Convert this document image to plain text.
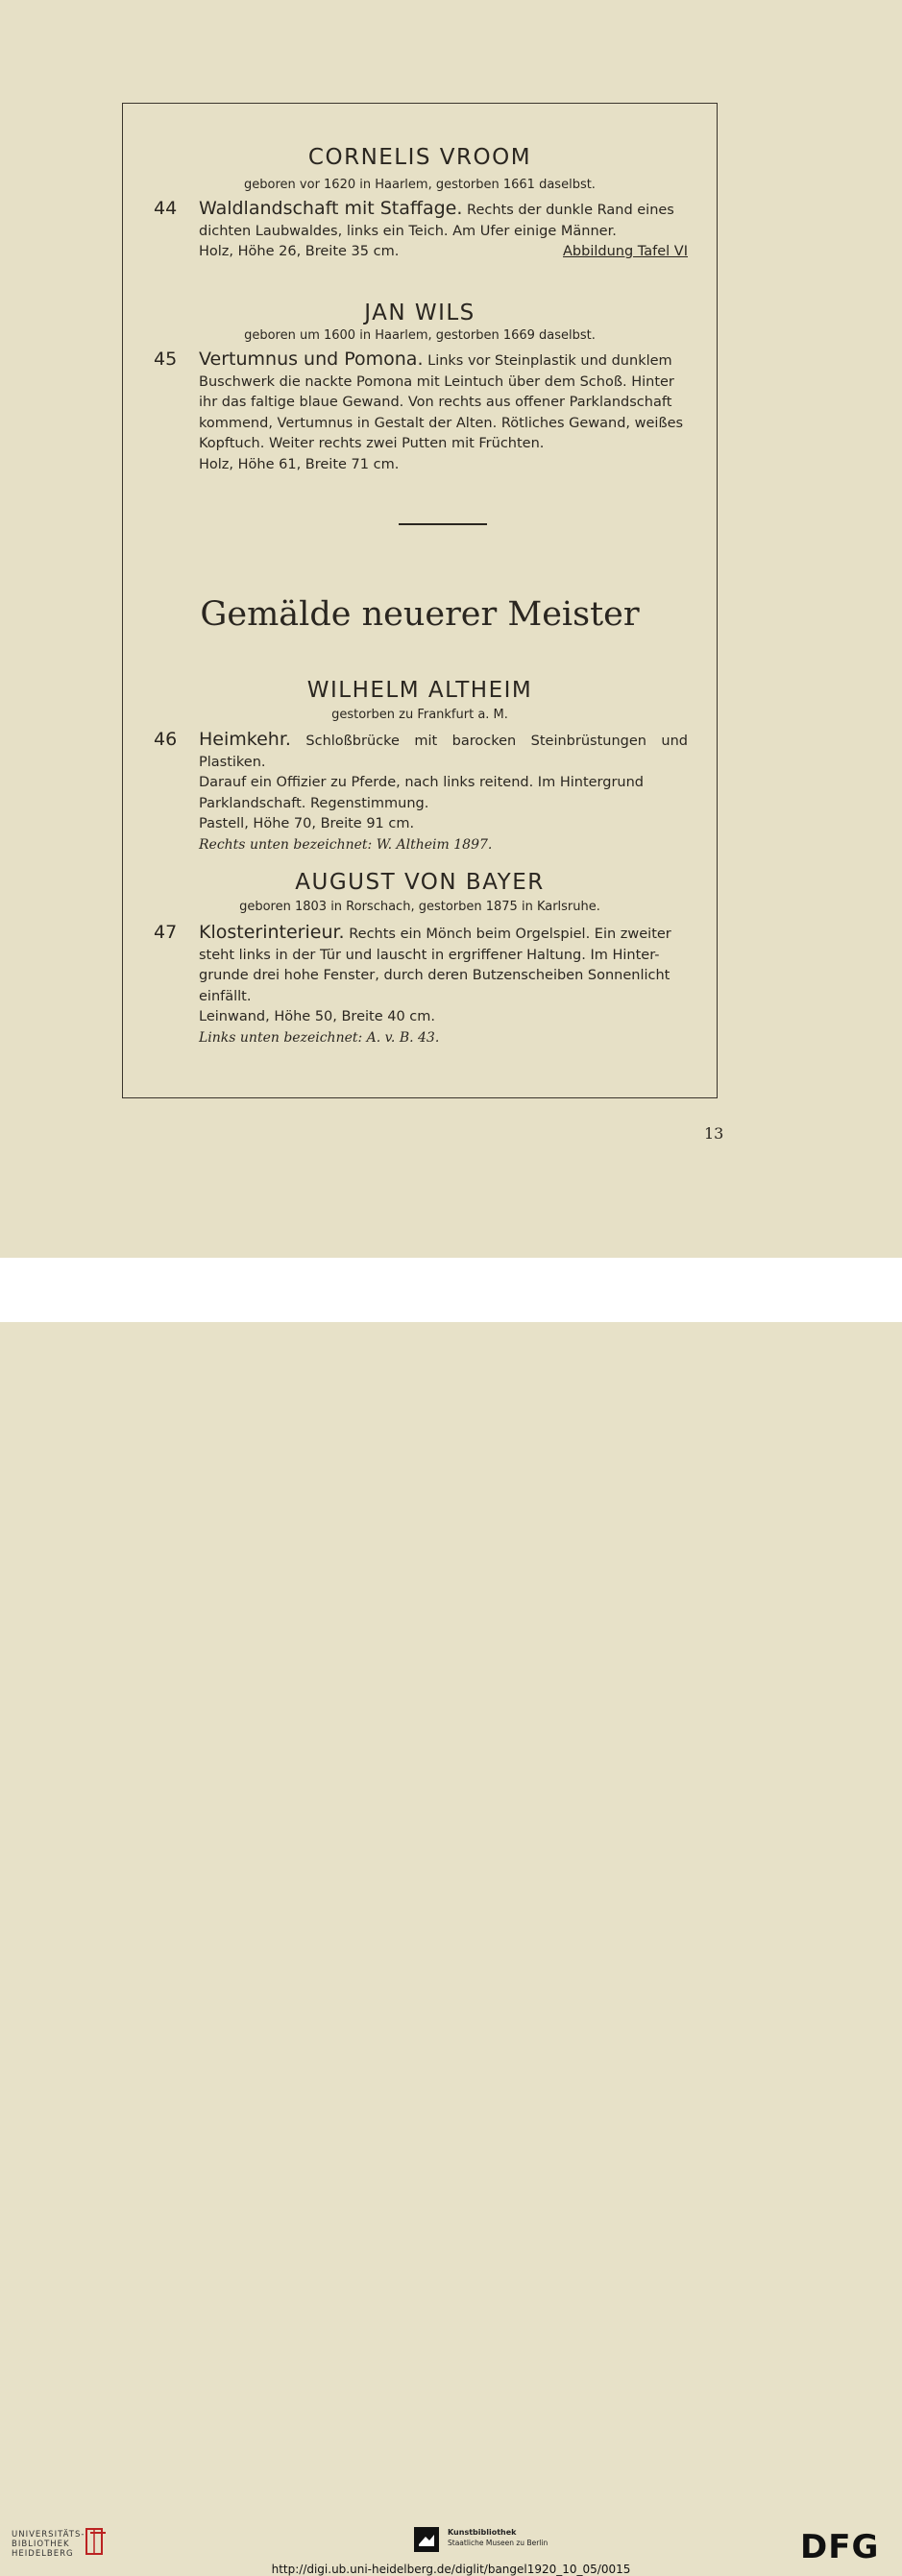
CORNELIS VROOM
geboren vor 1620 in Haarlem, gestorben 1661 daselbst.
44 Waldlandschaft mit Staffage. Rechts der dunkle Rand eines
dichten Laubwaldes, links ein Teich. Am Ufer einige Männer.
Holz, Höhe 26, Breite 35 cm.	Abbildung Tafel VI
JAN WILS
geboren um 1600 in Haarlem, gestorben 1669 daselbst.
45 Vertumnus und Pomona. Links vor Steinplastik und dunklem
Buschwerk die nackte Pomona mit Leintuch über dem Schoß. Hinter
ihr das faltige blaue Gewand. Von rechts aus offener Parklandschaft
kommend, Vertumnus in Gestalt der Alten. Rötliches Gewand, weißes
Kopftuch. Weiter rechts zwei Putten mit Früchten.
Holz, Höhe 61, Breite 71 cm.
Gemälde neuerer Meister
WILHELM ALTHEIM
gestorben zu Frankfurt a. M.
46 Heimkehr. Schloßbrücke mit barocken Steinbrüstungen und Plastiken.
Darauf ein Offizier zu Pferde, nach links reitend. Im Hintergrund
Parklandschaft. Regenstimmung.
Pastell, Höhe 70, Breite 91 cm.
Rechts unten bezeichnet: W. Altheim 1897.
AUGUST VON BAYER
geboren 1803 in Rorschach, gestorben 1875 in Karlsruhe.
47 Klosterinterieur. Rechts ein Mönch beim Orgelspiel. Ein zweiter
steht links in der Tür und lauscht in ergriffener Haltung. Im Hinter-
grunde drei hohe Fenster, durch deren Butzenscheiben Sonnenlicht
einfällt.
Leinwand, Höhe 50, Breite 40 cm.
Links unten bezeichnet: A. v. B. 43.
13
UNIVERSITÄTS-
BIBLIOTHEK
HEIDELBERG
Kunstbibliothek
Staatliche Museen zu Berlin	DFG
http://digi.ub.uni-heidelberg.de/diglit/bangel1920_10_05/0015
